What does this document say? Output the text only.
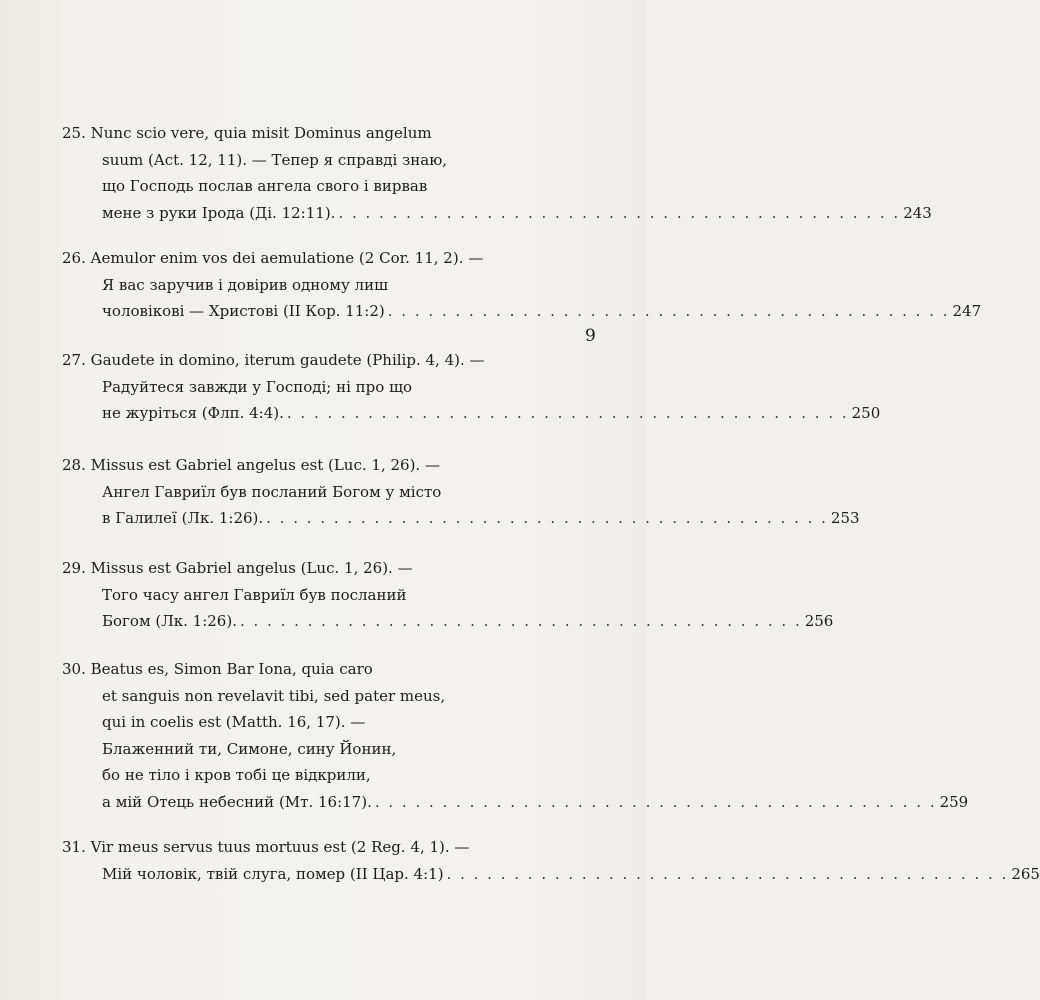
9
25. Nunc scio vere, quia misit Dominus angelum
suum (Act. 12, 11). — Тепер я справді знаю,
що Господь послав ангела свого і вирвав
мене з руки Ірода (Ді. 12:11). . . . . . . . . . . . . . . . . . . . . . . . . . . . . . . . . . . . . . . . . . . 243
26. Aemulor enim vos dei aemulatione (2 Cor. 11, 2). —
Я вас заручив і довірив одному лиш
чоловікові — Христові (II Кор. 11:2) . . . . . . . . . . . . . . . . . . . . . . . . . . . . . . . . . . . . . . . . . . 247
27. Gaudete in domino, iterum gaudete (Philip. 4, 4). —
Радуйтеся завжди у Господі; ні про що
не журіться (Флп. 4:4). . . . . . . . . . . . . . . . . . . . . . . . . . . . . . . . . . . . . . . . . . . 250
28. Missus est Gabriel angelus est (Luc. 1, 26). —
Ангел Гавриїл був посланий Богом у місто
в Галилеї (Лк. 1:26). . . . . . . . . . . . . . . . . . . . . . . . . . . . . . . . . . . . . . . . . . . 253
29. Missus est Gabriel angelus (Luc. 1, 26). —
Того часу ангел Гавриїл був посланий
Богом (Лк. 1:26). . . . . . . . . . . . . . . . . . . . . . . . . . . . . . . . . . . . . . . . . . . 256
30. Beatus es, Simon Bar Iona, quia caro
et sanguis non revelavit tibi, sed pater meus,
qui in coelis est (Matth. 16, 17). —
Блаженний ти, Симоне, сину Йонин,
бо не тіло і кров тобі це відкрили,
а мій Отець небесний (Мт. 16:17). . . . . . . . . . . . . . . . . . . . . . . . . . . . . . . . . . . . . . . . . . . 259
31. Vir meus servus tuus mortuus est (2 Reg. 4, 1). —
Мій чоловік, твій слуга, помер (II Цар. 4:1) . . . . . . . . . . . . . . . . . . . . . . . . . . . . . . . . . . . . . . . . . . 265
